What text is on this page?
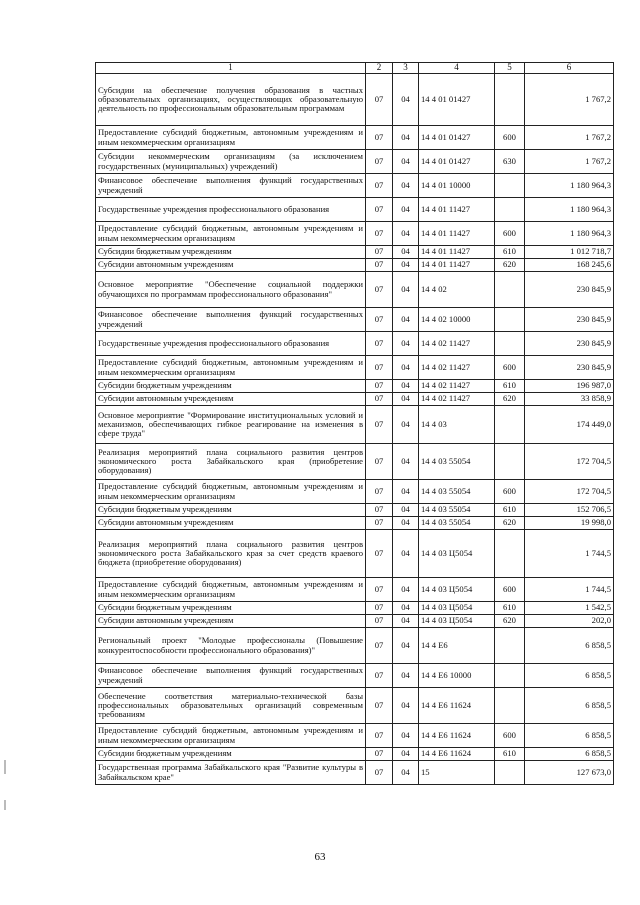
1	2	3	4	5	6
Субсидии на обеспечение получения образования в частных образовательных организациях, осуществляющих образовательную деятельность по профессиональным образовательным программам	07	04	14 4 01 01427		1 767,2
Предоставление субсидий бюджетным, автономным учреждениям и иным некоммерческим организациям	07	04	14 4 01 01427	600	1 767,2
Субсидии некоммерческим организациям (за исключением государственных (муниципальных) учреждений)	07	04	14 4 01 01427	630	1 767,2
Финансовое обеспечение выполнения функций государственных учреждений	07	04	14 4 01 10000		1 180 964,3
Государственные учреждения профессионального образования	07	04	14 4 01 11427		1 180 964,3
Предоставление субсидий бюджетным, автономным учреждениям и иным некоммерческим организациям	07	04	14 4 01 11427	600	1 180 964,3
Субсидии бюджетным учреждениям	07	04	14 4 01 11427	610	1 012 718,7
Субсидии автономным учреждениям	07	04	14 4 01 11427	620	168 245,6
Основное мероприятие "Обеспечение социальной поддержки обучающихся по программам профессионального образования"	07	04	14 4 02		230 845,9
Финансовое обеспечение выполнения функций государственных учреждений	07	04	14 4 02 10000		230 845,9
Государственные учреждения профессионального образования	07	04	14 4 02 11427		230 845,9
Предоставление субсидий бюджетным, автономным учреждениям и иным некоммерческим организациям	07	04	14 4 02 11427	600	230 845,9
Субсидии бюджетным учреждениям	07	04	14 4 02 11427	610	196 987,0
Субсидии автономным учреждениям	07	04	14 4 02 11427	620	33 858,9
Основное мероприятие "Формирование институциональных условий и механизмов, обеспечивающих гибкое реагирование на изменения в сфере труда"	07	04	14 4 03		174 449,0
Реализация мероприятий плана социального развития центров экономического роста Забайкальского края (приобретение оборудования)	07	04	14 4 03 55054		172 704,5
Предоставление субсидий бюджетным, автономным учреждениям и иным некоммерческим организациям	07	04	14 4 03 55054	600	172 704,5
Субсидии бюджетным учреждениям	07	04	14 4 03 55054	610	152 706,5
Субсидии автономным учреждениям	07	04	14 4 03 55054	620	19 998,0
Реализация мероприятий плана социального развития центров экономического роста Забайкальского края за счет средств краевого бюджета (приобретение оборудования)	07	04	14 4 03 Ц5054		1 744,5
Предоставление субсидий бюджетным, автономным учреждениям и иным некоммерческим организациям	07	04	14 4 03 Ц5054	600	1 744,5
Субсидии бюджетным учреждениям	07	04	14 4 03 Ц5054	610	1 542,5
Субсидии автономным учреждениям	07	04	14 4 03 Ц5054	620	202,0
Региональный проект "Молодые профессионалы (Повышение конкурентоспособности профессионального образования)"	07	04	14 4 Е6		6 858,5
Финансовое обеспечение выполнения функций государственных учреждений	07	04	14 4 Е6 10000		6 858,5
Обеспечение соответствия материально-технической базы профессиональных образовательных организаций современным требованиям	07	04	14 4 Е6 11624		6 858,5
Предоставление субсидий бюджетным, автономным учреждениям и иным некоммерческим организациям	07	04	14 4 Е6 11624	600	6 858,5
Субсидии бюджетным учреждениям	07	04	14 4 Е6 11624	610	6 858,5
Государственная программа Забайкальского края "Развитие культуры в Забайкальском крае"	07	04	15		127 673,0
63
